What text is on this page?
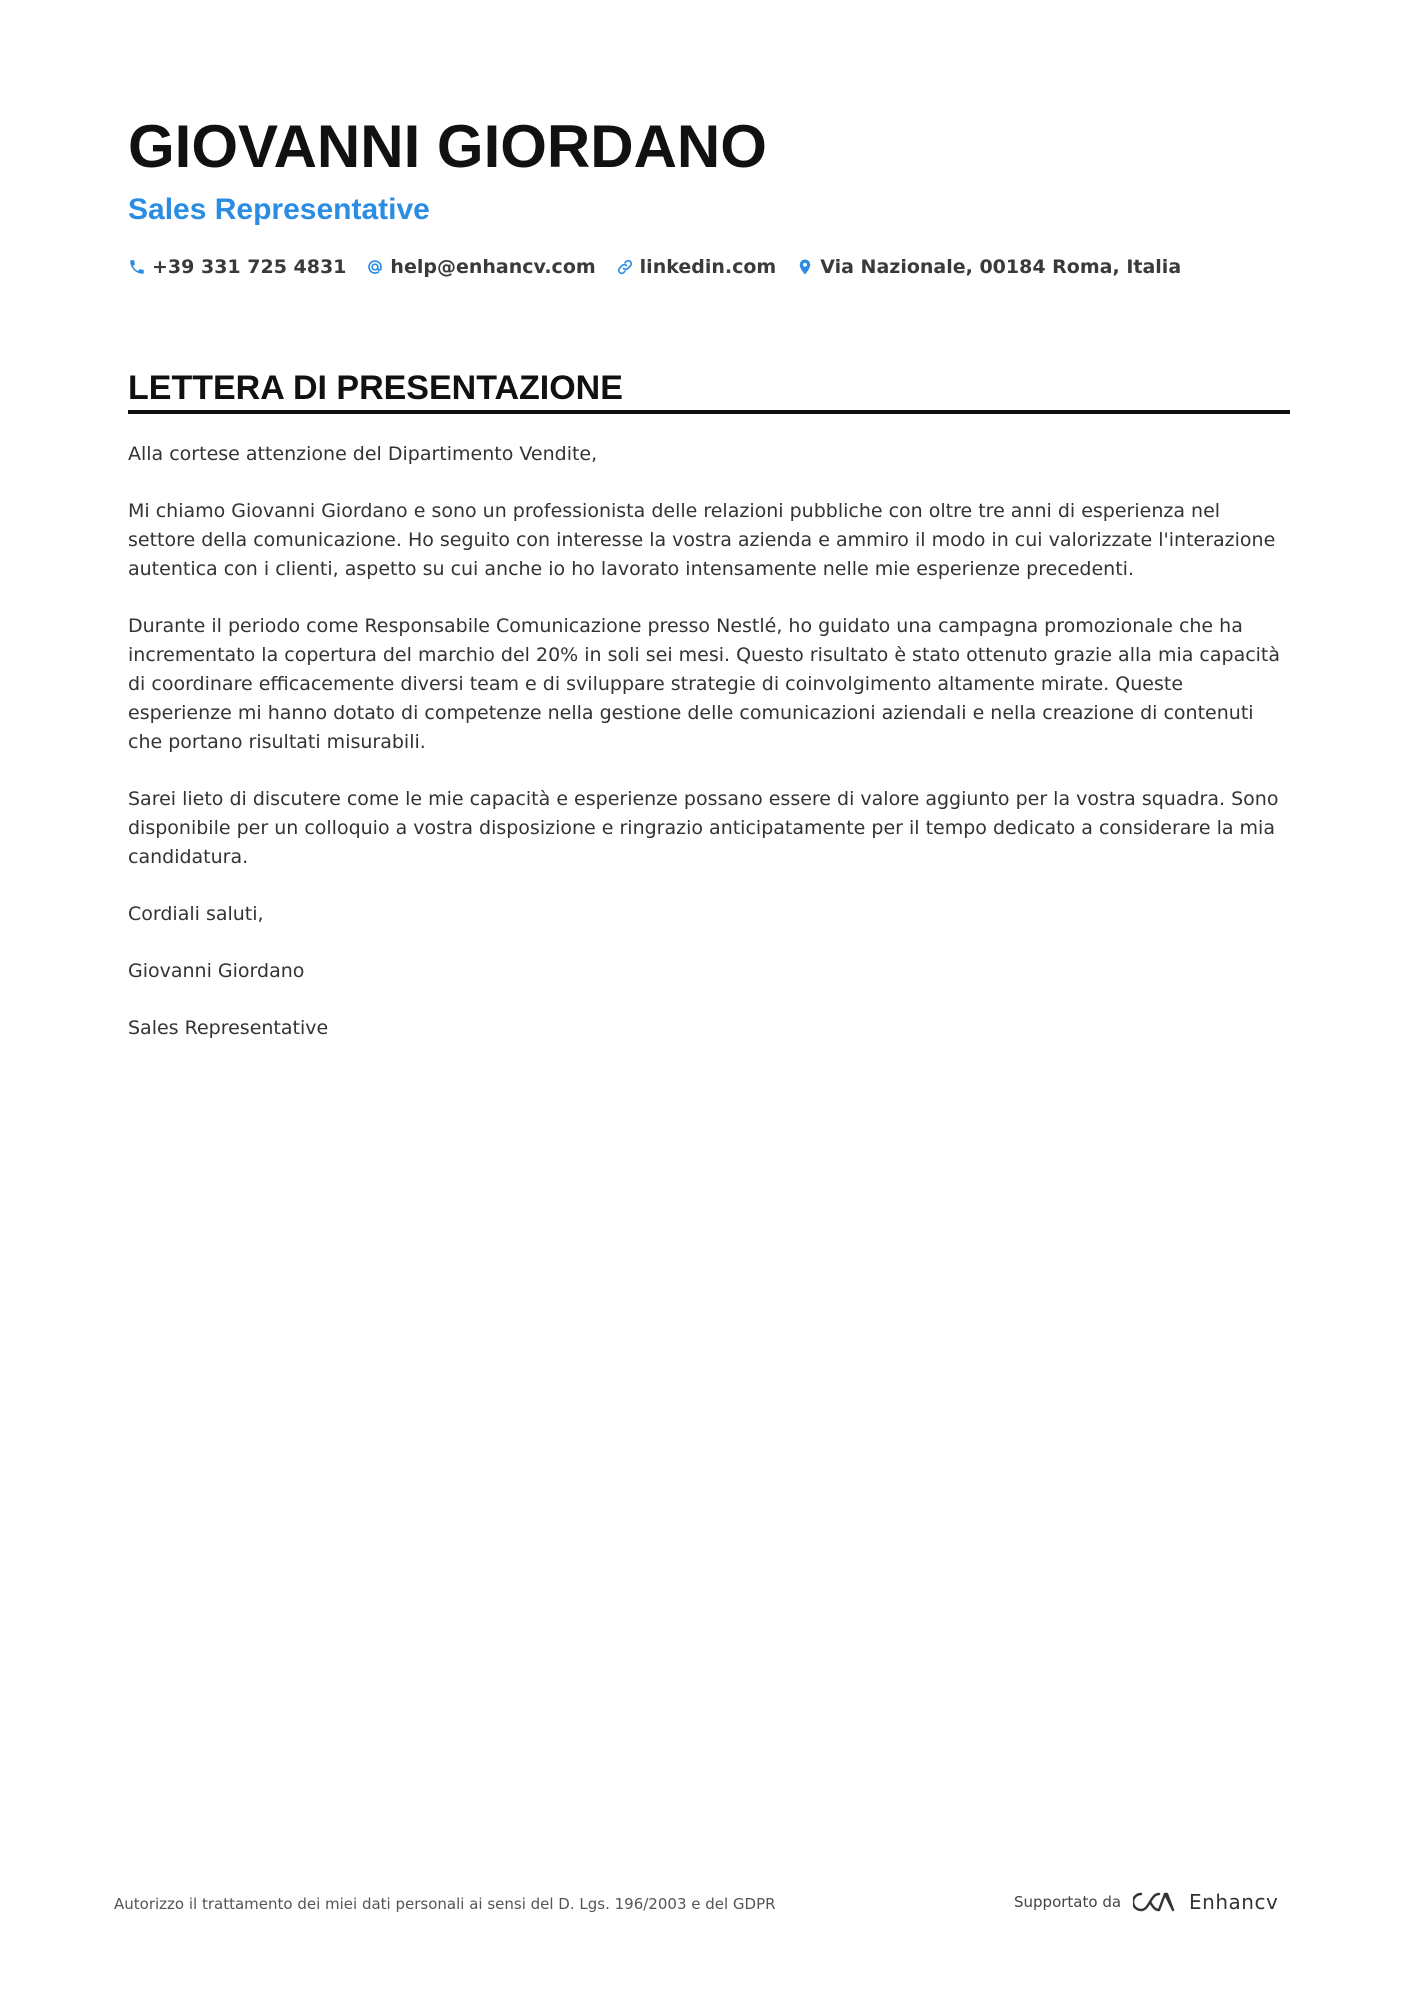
GIOVANNI GIORDANO
Sales Representative
+39 331 725 4831 help@enhancv.com linkedin.com Via Nazionale, 00184 Roma, Italia
LETTERA DI PRESENTAZIONE

Alla cortese attenzione del Dipartimento Vendite,

Mi chiamo Giovanni Giordano e sono un professionista delle relazioni pubbliche con oltre tre anni di esperienza nel settore della comunicazione. Ho seguito con interesse la vostra azienda e ammiro il modo in cui valorizzate l'interazione autentica con i clienti, aspetto su cui anche io ho lavorato intensamente nelle mie esperienze precedenti.

Durante il periodo come Responsabile Comunicazione presso Nestlé, ho guidato una campagna promozionale che ha incrementato la copertura del marchio del 20% in soli sei mesi. Questo risultato è stato ottenuto grazie alla mia capacità di coordinare efficacemente diversi team e di sviluppare strategie di coinvolgimento altamente mirate. Queste esperienze mi hanno dotato di competenze nella gestione delle comunicazioni aziendali e nella creazione di contenuti che portano risultati misurabili.

Sarei lieto di discutere come le mie capacità e esperienze possano essere di valore aggiunto per la vostra squadra. Sono disponibile per un colloquio a vostra disposizione e ringrazio anticipatamente per il tempo dedicato a considerare la mia candidatura.

Cordiali saluti,

Giovanni Giordano

Sales Representative

Autorizzo il trattamento dei miei dati personali ai sensi del D. Lgs. 196/2003 e del GDPR	Supportato da	Enhancv
